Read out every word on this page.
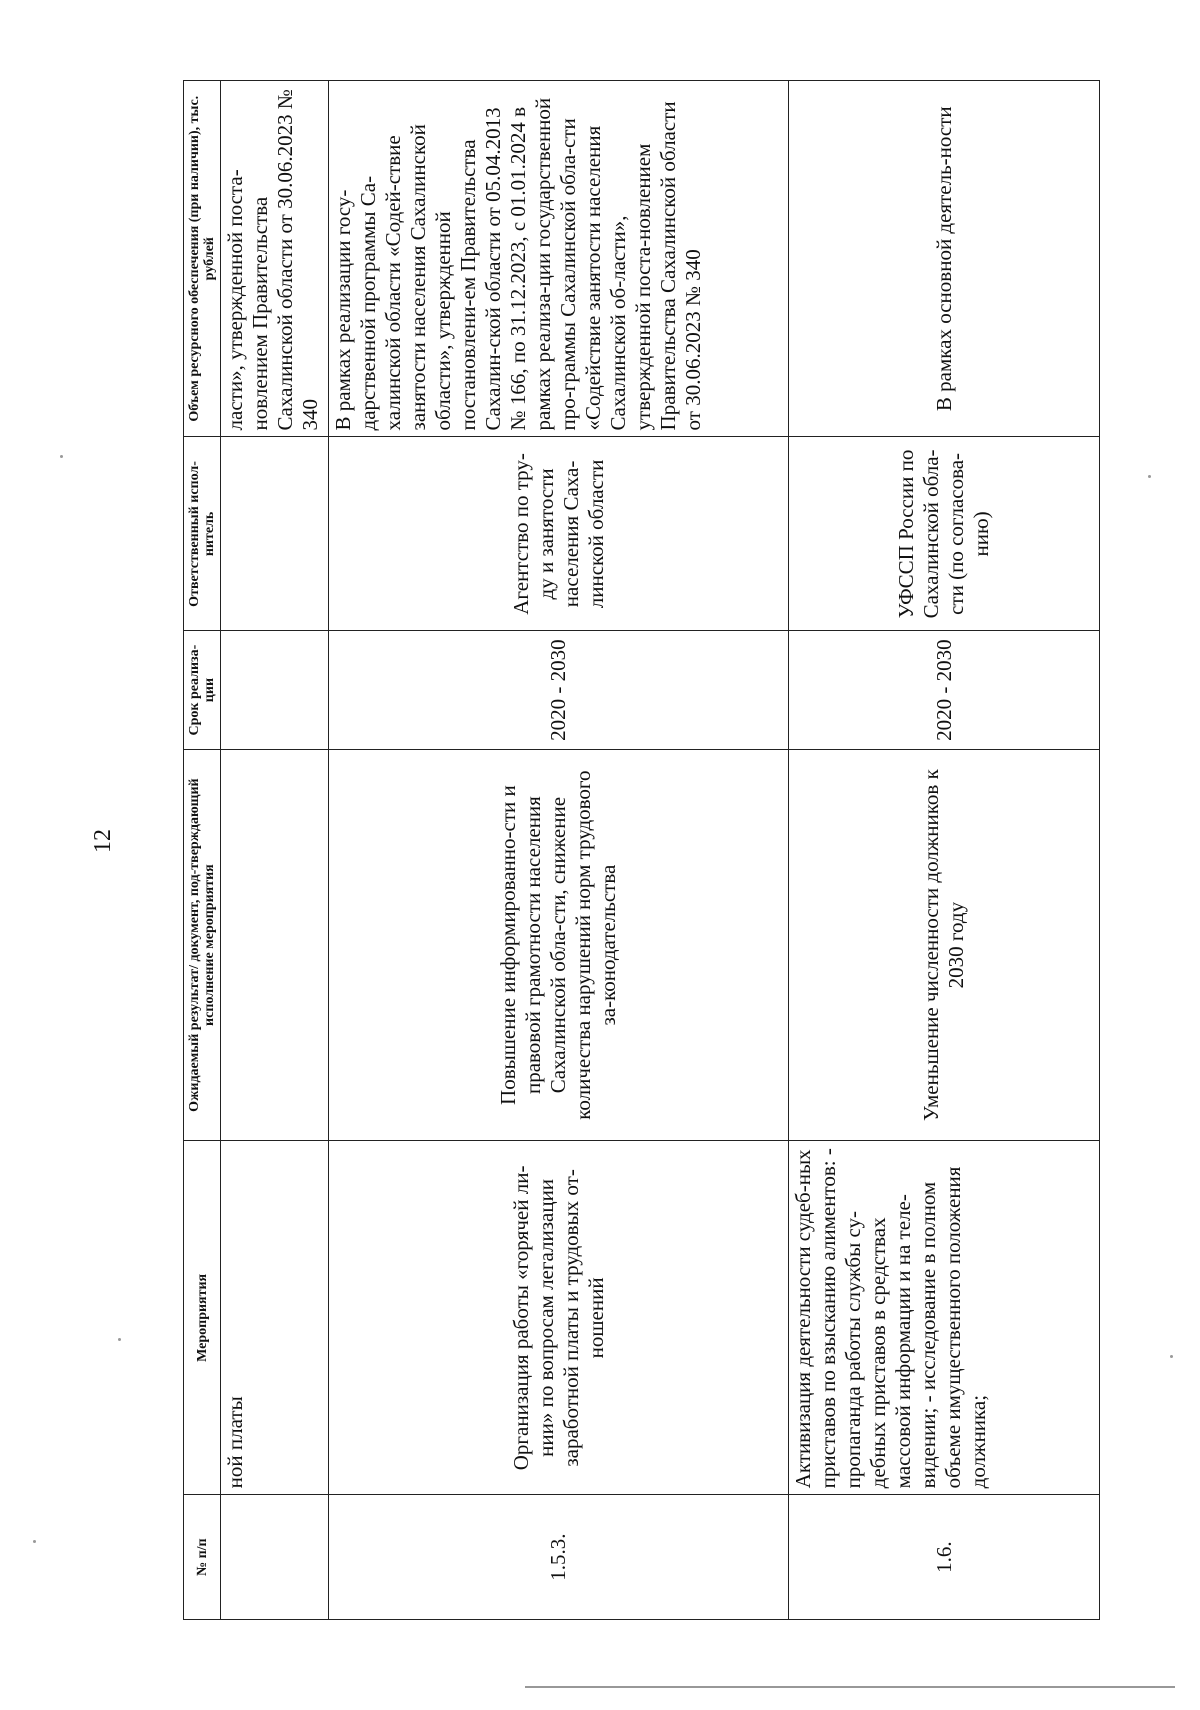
12
№ п/п	Мероприятия	Ожидаемый результат/ документ, под-тверждающий исполнение мероприятия	Срок реализа-ции	Ответственный испол-нитель	Объем ресурсного обеспечения (при наличии), тыс. рублей
	ной платы				ласти», утвержденной поста-новлением Правительства Сахалинской области от 30.06.2023 № 340
1.5.3.	Организация работы «горячей ли-нии» по вопросам легализации заработной платы и трудовых от-ношений	Повышение информированно-сти и правовой грамотности населения Сахалинской обла-сти, снижение количества нарушений норм трудового за-конодательства	2020 - 2030	Агентство по тру-ду и занятости населения Саха-линской области	В рамках реализации госу-дарственной программы Са-халинской области «Содей-ствие занятости населения Сахалинской области», утвержденной постановлени-ем Правительства Сахалин-ской области от 05.04.2013 № 166, по 31.12.2023, с 01.01.2024 в рамках реализа-ции государственной про-граммы Сахалинской обла-сти «Содействие занятости населения Сахалинской об-ласти», утвержденной поста-новлением Правительства Сахалинской области от 30.06.2023 № 340
1.6.	Активизация деятельности судеб-ных приставов по взысканию алиментов: - пропаганда работы службы су-дебных приставов в средствах массовой информации и на теле-видении; - исследование в полном объеме имущественного положения должника;	Уменьшение численности должников к 2030 году	2020 - 2030	УФССП России по Сахалинской обла-сти (по согласова-нию)	В рамках основной деятель-ности
